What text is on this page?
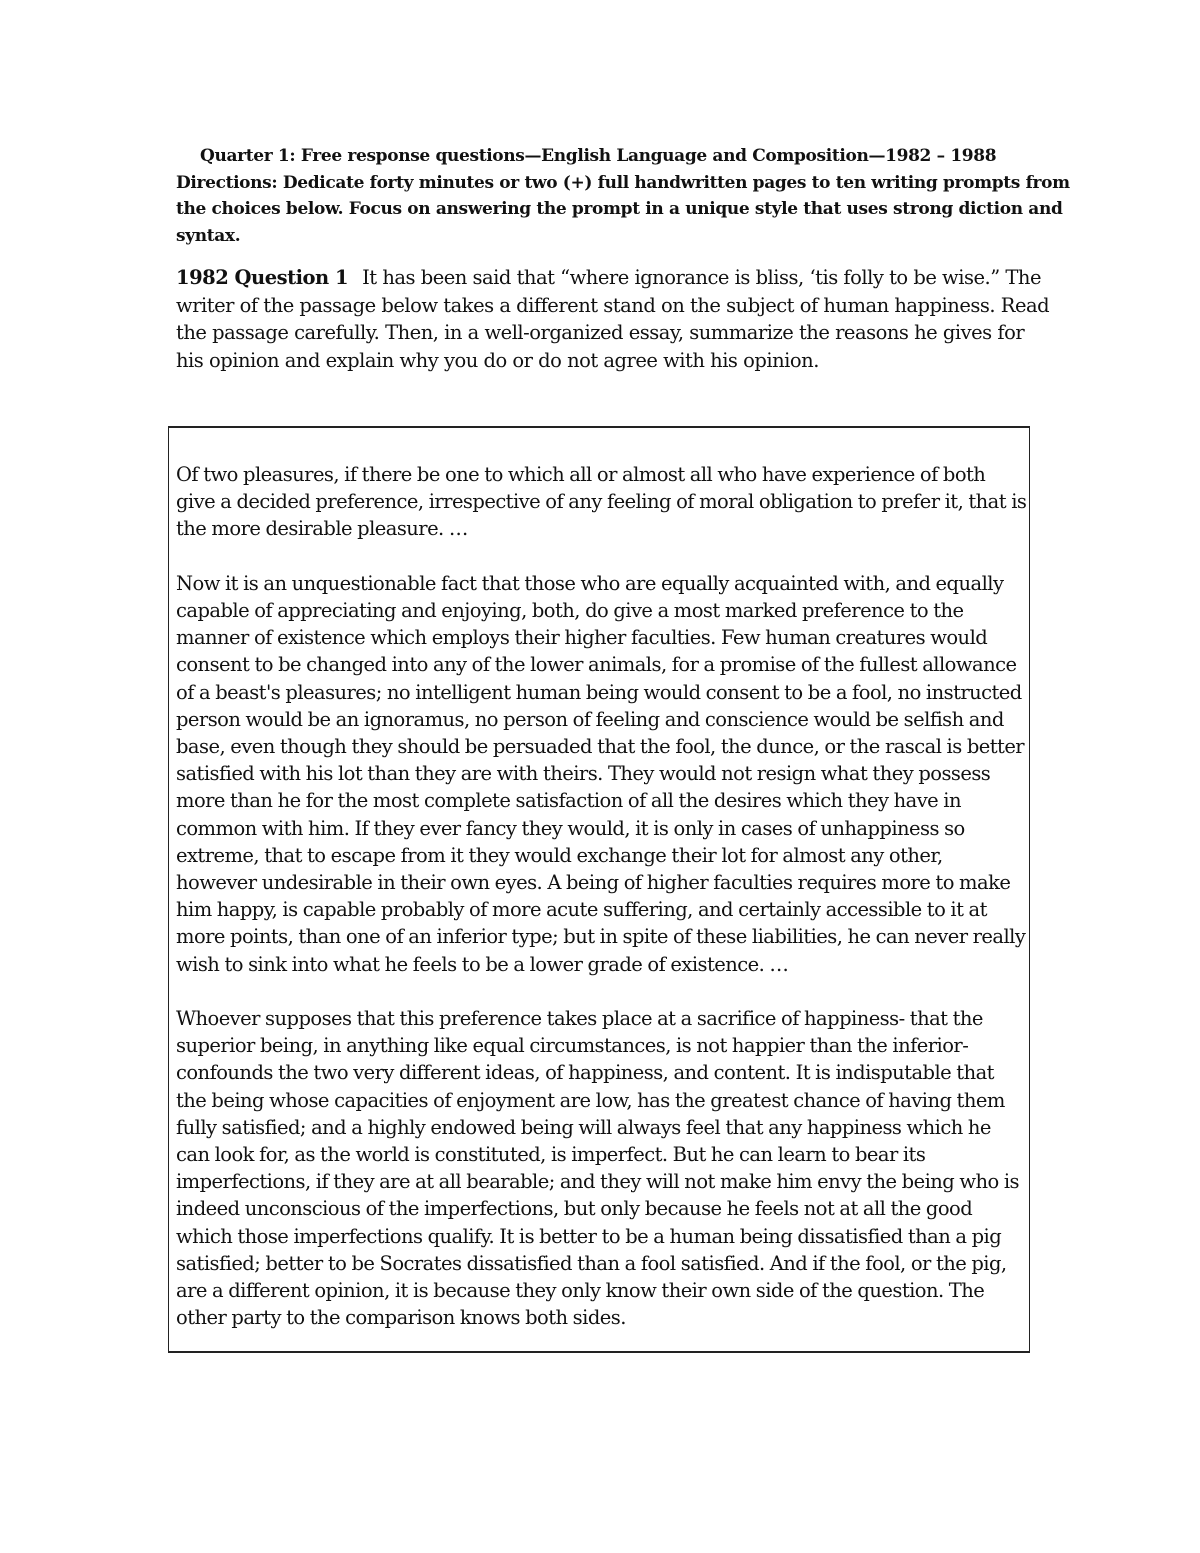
Quarter 1: Free response questions—English Language and Composition—1982 – 1988
Directions: Dedicate forty minutes or two (+) full handwritten pages to ten writing prompts from the choices below. Focus on answering the prompt in a unique style that uses strong diction and syntax.
1982 Question 1 It has been said that “where ignorance is bliss, ‘tis folly to be wise.” The writer of the passage below takes a different stand on the subject of human happiness. Read the passage carefully. Then, in a well-organized essay, summarize the reasons he gives for his opinion and explain why you do or do not agree with his opinion.

Of two pleasures, if there be one to which all or almost all who have experience of both give a decided preference, irrespective of any feeling of moral obligation to prefer it, that is the more desirable pleasure. …

Now it is an unquestionable fact that those who are equally acquainted with, and equally capable of appreciating and enjoying, both, do give a most marked preference to the manner of existence which employs their higher faculties. Few human creatures would consent to be changed into any of the lower animals, for a promise of the fullest allowance of a beast's pleasures; no intelligent human being would consent to be a fool, no instructed person would be an ignoramus, no person of feeling and conscience would be selfish and base, even though they should be persuaded that the fool, the dunce, or the rascal is better satisfied with his lot than they are with theirs. They would not resign what they possess more than he for the most complete satisfaction of all the desires which they have in common with him. If they ever fancy they would, it is only in cases of unhappiness so extreme, that to escape from it they would exchange their lot for almost any other, however undesirable in their own eyes. A being of higher faculties requires more to make him happy, is capable probably of more acute suffering, and certainly accessible to it at more points, than one of an inferior type; but in spite of these liabilities, he can never really wish to sink into what he feels to be a lower grade of existence. …

Whoever supposes that this preference takes place at a sacrifice of happiness- that the superior being, in anything like equal circumstances, is not happier than the inferior- confounds the two very different ideas, of happiness, and content. It is indisputable that the being whose capacities of enjoyment are low, has the greatest chance of having them fully satisfied; and a highly endowed being will always feel that any happiness which he can look for, as the world is constituted, is imperfect. But he can learn to bear its imperfections, if they are at all bearable; and they will not make him envy the being who is indeed unconscious of the imperfections, but only because he feels not at all the good which those imperfections qualify. It is better to be a human being dissatisfied than a pig satisfied; better to be Socrates dissatisfied than a fool satisfied. And if the fool, or the pig, are a different opinion, it is because they only know their own side of the question. The other party to the comparison knows both sides.
